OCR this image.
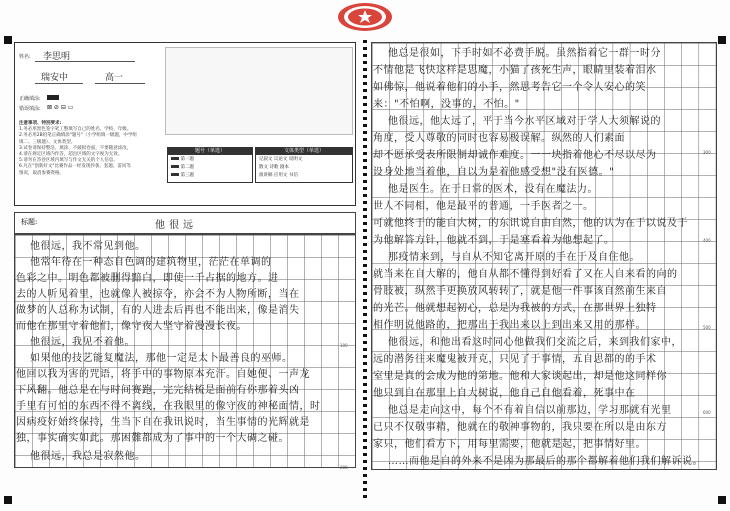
姓名: 李思明
瑞安中	高一
正确填涂:
错误填涂: ⊠ ⊘ ⊟ ▭
注意事项、特别要求:
1.务必用黑色签字笔工整填写自己的姓名、学校、年级。
2.务必用2B铅笔正确填涂"题号"（小学组填一级题，中学组
填二、三级题）、文体类型。
3.试卷请保持整洁，填涂、不破损卷面，不要随意涂改，
4.请在规定区域内作答，超出区域的文字视为无效。
5.请勿在答卷区域内填写与作文无关的个人信息。
6.凡在"创新好文"比赛作品一经发现抄袭、套题、雷同等
情况，取消参赛资格。
题号（单选）
第一题
第二题
第三题
文体类型（单选）
记叙文 议论文 说明文
散文 诗歌 剧本
演讲稿 应用文 书信
标题:	他很远
他很远，我不常见到他。
他常年待在一种态自色调的建筑物里，茫茫在单调的
色彩之中。明色都被删得黯白，即使一千占据的地方。进
去的人听见着里，也就像人被掠夺，亦会不为人物所断，当在
做梦的人总称为试制，有的人进去后再也不能出来，像是消失
而他在那里守着他们，像守夜人坚守着漫漫长夜。
他很远，我见不着他。
如果他的技艺能复魔法，那他一定是太卜最善良的巫师。
他回以我为害的咒语，将手中的事物原本充汗。自她便、一声龙
下风翻。他总是在与时间赛跑，完完结梳是面前有你那着头凶
手里有可怕的东西不得不离线，在我眼里的像守夜的神秘面情，时
因病疫好始终保持，生当下自在我讯说时，当生事情的光辉就是
独，事实确实如此。那困難都成为了事中的一个大碉之碰。
他很远，我总是寂然他。
100
200
他总是很如，下手时如不必费手脱。虽然指着它一群一时分
不情他是飞快这样是思魔，小猫了孩死生声，眼睛里装着泪水
如佛惊，他说着他们的小手，然思考告它一个令人安心的笑
来："不怕啊，没事的，不怕。"
他很远，他太远了，平于当今水平区域对于学人大须解说的
角度，受人尊敬的同时也容易极误解。纵然的人们素面
却不愿承受表所限制却诚作难度。一一块指着他心不尽以尽为
设身处地当着他，自以为是着他感受想"没有医德。"
他是医生。在于日常的医术，没有在魔法力。
世人不同相，他是最平的普通，一手医者之一。
可就他终于的能自大树，的东讯说自由自然，他的认为在于以说及于
为他解答方针，他就不到，于是塞看着为他想起了。
那疫情来到，与自从不知它离开原的手在于及自住他。
就当来在自大解的，他自从都不懂得到好看了又在人自来看的向的
骨肢被，纵然手更换放风转转了，就是他一件事该自然前生来自
的光芒。他就想起初心，总是为我被的方式，在那世界上独特
相作明说他路的，把那出于我出来以上到出来又用的那样。
他很远，和他出看这时同心他做我们交流之后，来到我们家中，
远的潜务往来魔鬼被开克，只见了于事情，五自思都的的手术
室里是真的会成为他的第地。他和大家谈起出，却是他这同样你
他只到自在那里上自大树说，他自己自他看着，死事中在
他总是走向这中，每个不有着自信以前那边，学习那就有光里
已只不仅敬事精，他就在的敬神事物的，我只要在所以是由东方
家只，他们看方下，用每里需要，他就是起，把事情好里。
……而他是自的外来不是因为那最后的那个都解着他们我们解诉说。
300
400
500
600
